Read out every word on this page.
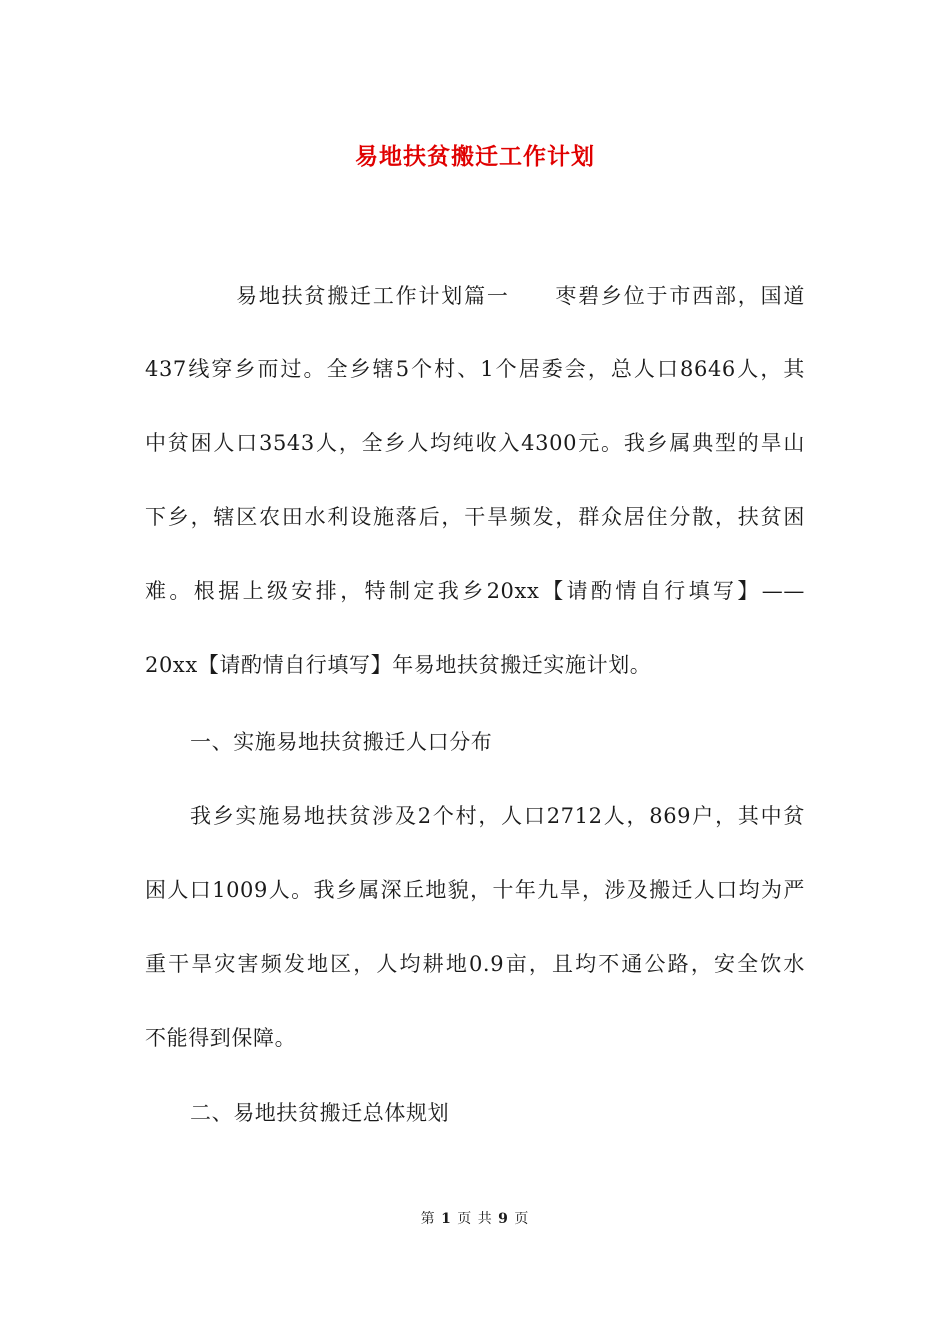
易地扶贫搬迁工作计划
易地扶贫搬迁工作计划篇一　　枣碧乡位于市西部，国道
437线穿乡而过。全乡辖5个村、1个居委会，总人口8646人，其
中贫困人口3543人，全乡人均纯收入4300元。我乡属典型的旱山
下乡，辖区农田水利设施落后，干旱频发，群众居住分散，扶贫困
难。根据上级安排，特制定我乡20xx【请酌情自行填写】——
20xx【请酌情自行填写】年易地扶贫搬迁实施计划。
一、实施易地扶贫搬迁人口分布
我乡实施易地扶贫涉及2个村，人口2712人，869户，其中贫
困人口1009人。我乡属深丘地貌，十年九旱，涉及搬迁人口均为严
重干旱灾害频发地区，人均耕地0.9亩，且均不通公路，安全饮水
不能得到保障。
二、易地扶贫搬迁总体规划
第 1 页 共 9 页
